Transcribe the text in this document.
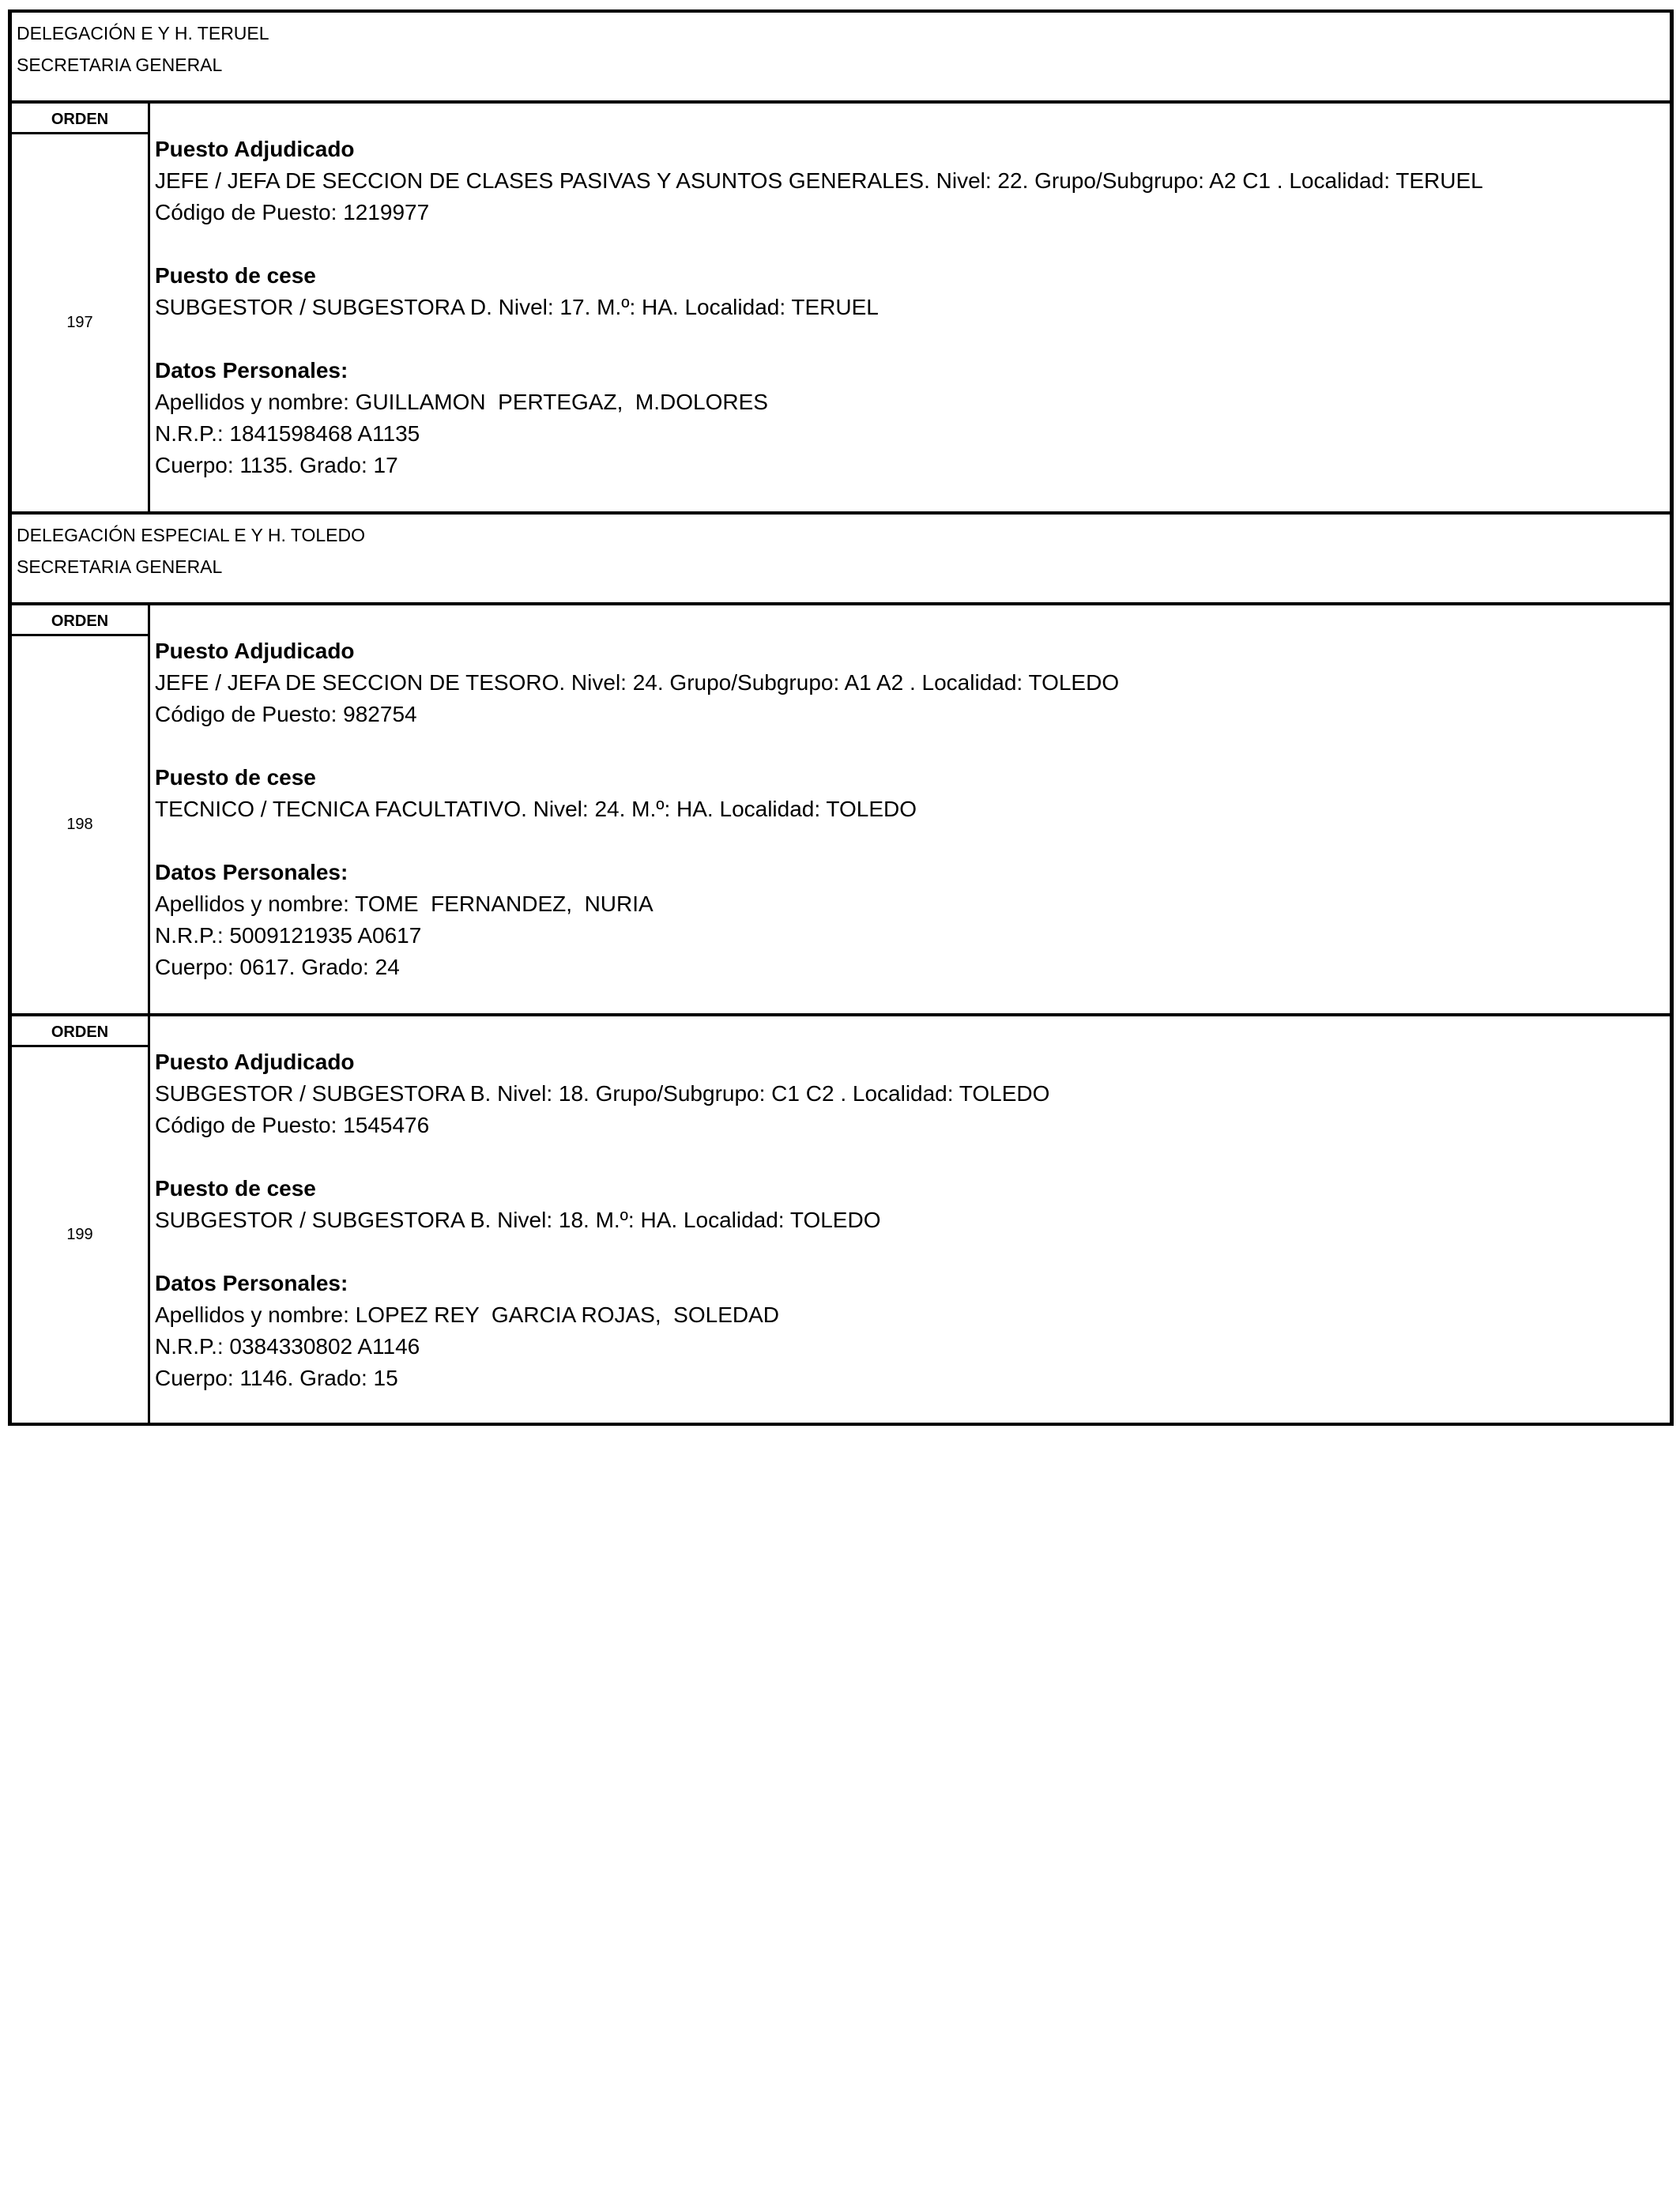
DELEGACIÓN E Y H. TERUEL
SECRETARIA GENERAL
ORDEN
197
Puesto Adjudicado
JEFE / JEFA DE SECCION DE CLASES PASIVAS Y ASUNTOS GENERALES. Nivel: 22. Grupo/Subgrupo: A2 C1 . Localidad: TERUEL
Código de Puesto: 1219977
Puesto de cese
SUBGESTOR / SUBGESTORA D. Nivel: 17. M.º: HA. Localidad: TERUEL
Datos Personales:
Apellidos y nombre: GUILLAMON  PERTEGAZ,  M.DOLORES
N.R.P.: 1841598468 A1135
Cuerpo: 1135. Grado: 17
DELEGACIÓN ESPECIAL E Y H. TOLEDO
SECRETARIA GENERAL
ORDEN
198
Puesto Adjudicado
JEFE / JEFA DE SECCION DE TESORO. Nivel: 24. Grupo/Subgrupo: A1 A2 . Localidad: TOLEDO
Código de Puesto: 982754
Puesto de cese
TECNICO / TECNICA FACULTATIVO. Nivel: 24. M.º: HA. Localidad: TOLEDO
Datos Personales:
Apellidos y nombre: TOME  FERNANDEZ,  NURIA
N.R.P.: 5009121935 A0617
Cuerpo: 0617. Grado: 24
ORDEN
199
Puesto Adjudicado
SUBGESTOR / SUBGESTORA B. Nivel: 18. Grupo/Subgrupo: C1 C2 . Localidad: TOLEDO
Código de Puesto: 1545476
Puesto de cese
SUBGESTOR / SUBGESTORA B. Nivel: 18. M.º: HA. Localidad: TOLEDO
Datos Personales:
Apellidos y nombre: LOPEZ REY  GARCIA ROJAS,  SOLEDAD
N.R.P.: 0384330802 A1146
Cuerpo: 1146. Grado: 15
